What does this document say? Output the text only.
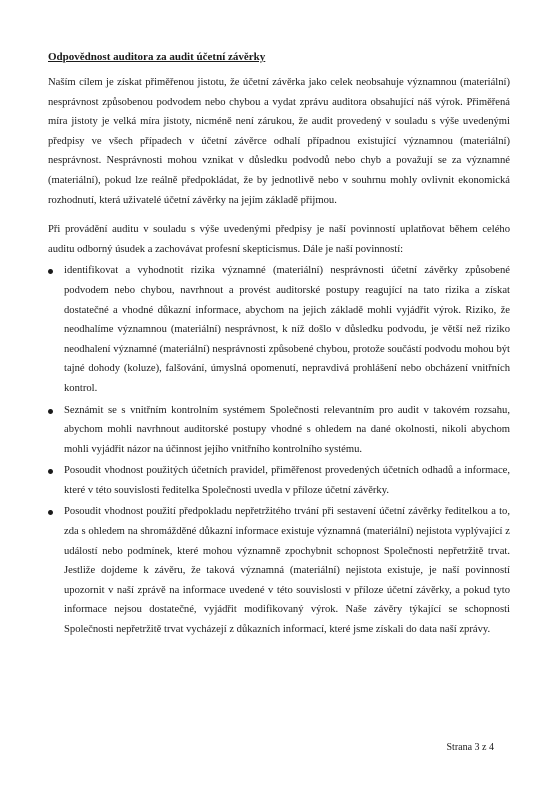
Odpovědnost auditora za audit účetní závěrky

Naším cílem je získat přiměřenou jistotu, že účetní závěrka jako celek neobsahuje významnou (materiální) nesprávnost způsobenou podvodem nebo chybou a vydat zprávu auditora obsahující náš výrok. Přiměřená míra jistoty je velká míra jistoty, nicméně není zárukou, že audit provedený v souladu s výše uvedenými předpisy ve všech případech v účetní závěrce odhalí případnou existující významnou (materiální) nesprávnost. Nesprávnosti mohou vznikat v důsledku podvodů nebo chyb a považují se za významné (materiální), pokud lze reálně předpokládat, že by jednotlivě nebo v souhrnu mohly ovlivnit ekonomická rozhodnutí, která uživatelé účetní závěrky na jejím základě přijmou.

Při provádění auditu v souladu s výše uvedenými předpisy je naší povinností uplatňovat během celého auditu odborný úsudek a zachovávat profesní skepticismus. Dále je naší povinností:

identifikovat a vyhodnotit rizika významné (materiální) nesprávnosti účetní závěrky způsobené podvodem nebo chybou, navrhnout a provést auditorské postupy reagující na tato rizika a získat dostatečné a vhodné důkazní informace, abychom na jejich základě mohli vyjádřit výrok. Riziko, že neodhalíme významnou (materiální) nesprávnost, k níž došlo v důsledku podvodu, je větší než riziko neodhalení významné (materiální) nesprávnosti způsobené chybou, protože součástí podvodu mohou být tajné dohody (koluze), falšování, úmyslná opomenutí, nepravdivá prohlášení nebo obcházení vnitřních kontrol.
Seznámit se s vnitřním kontrolním systémem Společnosti relevantním pro audit v takovém rozsahu, abychom mohli navrhnout auditorské postupy vhodné s ohledem na dané okolnosti, nikoli abychom mohli vyjádřit názor na účinnost jejího vnitřního kontrolního systému.
Posoudit vhodnost použitých účetních pravidel, přiměřenost provedených účetních odhadů a informace, které v této souvislosti ředitelka Společnosti uvedla v příloze účetní závěrky.
Posoudit vhodnost použití předpokladu nepřetržitého trvání při sestavení účetní závěrky ředitelkou a to, zda s ohledem na shromážděné důkazní informace existuje významná (materiální) nejistota vyplývající z událostí nebo podmínek, které mohou významně zpochybnit schopnost Společnosti nepřetržitě trvat. Jestliže dojdeme k závěru, že taková významná (materiální) nejistota existuje, je naší povinností upozornit v naší zprávě na informace uvedené v této souvislosti v příloze účetní závěrky, a pokud tyto informace nejsou dostatečné, vyjádřit modifikovaný výrok. Naše závěry týkající se schopnosti Společnosti nepřetržitě trvat vycházejí z důkazních informací, které jsme získali do data naší zprávy.
Strana 3 z 4
